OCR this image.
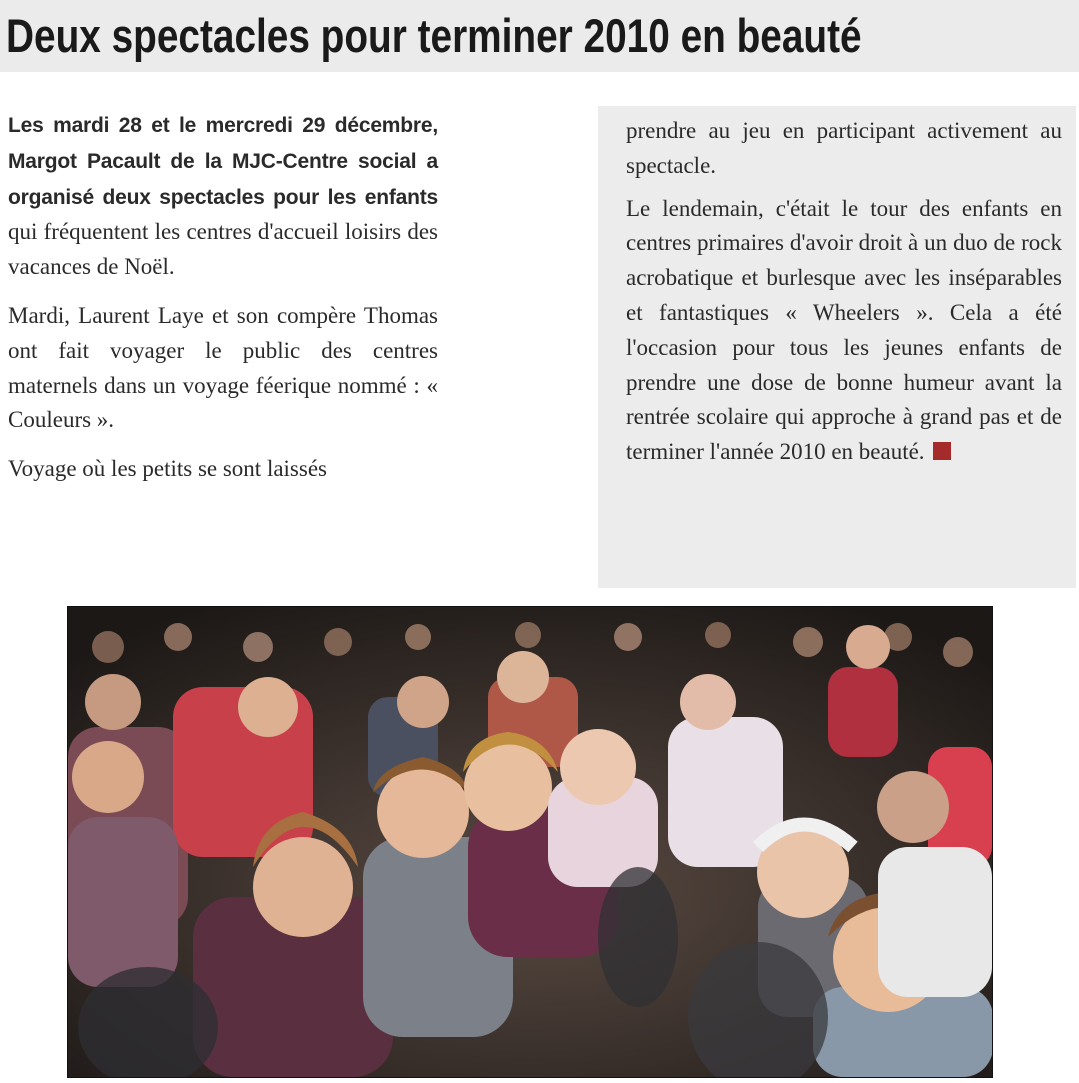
Deux spectacles pour terminer 2010 en beauté

Les mardi 28 et le mercredi 29 décembre, Margot Pacault de la MJC-Centre social a organisé deux spectacles pour les enfants qui fréquentent les centres d'accueil loisirs des vacances de Noël.

Mardi, Laurent Laye et son compère Thomas ont fait voyager le public des centres maternels dans un voyage féerique nommé : « Couleurs ».

Voyage où les petits se sont laissés

prendre au jeu en participant activement au spectacle.

Le lendemain, c'était le tour des enfants en centres primaires d'avoir droit à un duo de rock acrobatique et burlesque avec les inséparables et fantastiques « Wheelers ». Cela a été l'occasion pour tous les jeunes enfants de prendre une dose de bonne humeur avant la rentrée scolaire qui approche à grand pas et de terminer l'année 2010 en beauté.
